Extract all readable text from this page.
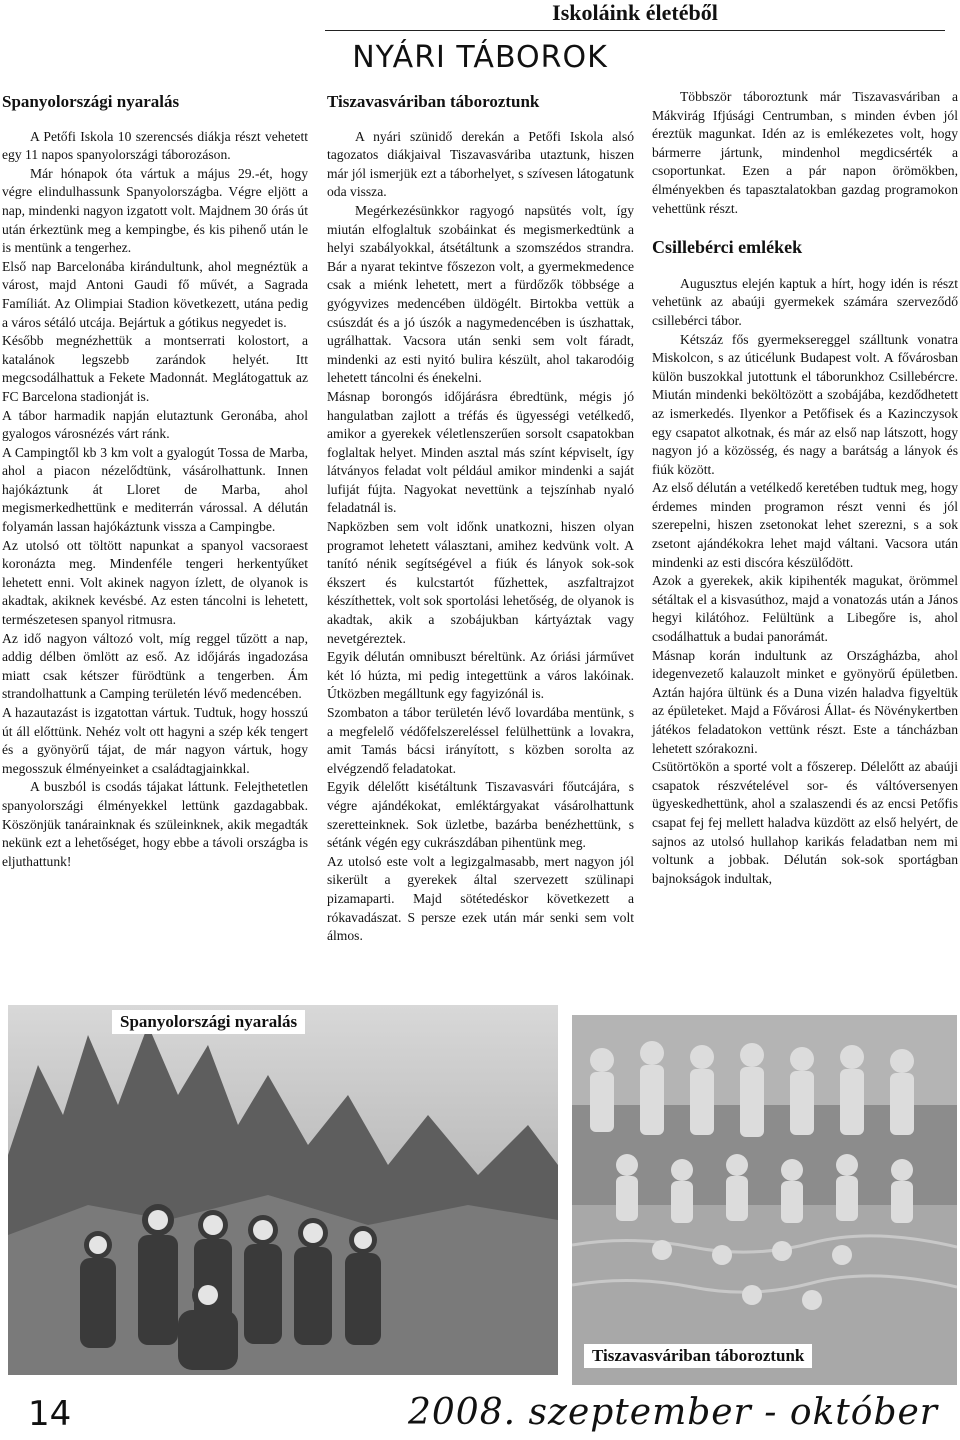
Iskoláink életéből
NYÁRI TÁBOROK
Spanyolországi nyaralás

A Petőfi Iskola 10 szerencsés diákja részt vehetett egy 11 napos spanyolországi táborozáson.

Már hónapok óta vártuk a május 29.-ét, hogy végre elindulhassunk Spanyolországba. Végre eljött a nap, mindenki nagyon izgatott volt. Majdnem 30 órás út után érkeztünk meg a kempingbe, és kis pihenő után le is mentünk a tengerhez.

Első nap Barcelonába kirándultunk, ahol megnéztük a várost, majd Antoni Gaudi fő művét, a Sagrada Famíliát. Az Olimpiai Stadion következett, utána pedig a város sétáló utcája. Bejártuk a gótikus negyedet is.

Később megnézhettük a montserrati kolostort, a katalánok legszebb zarándok helyét. Itt megcsodálhattuk a Fekete Madonnát. Meglátogattuk az FC Barcelona stadionját is.

A tábor harmadik napján elutaztunk Geronába, ahol gyalogos városnézés várt ránk.

A Campingtől kb 3 km volt a gyalogút Tossa de Marba, ahol a piacon nézelődtünk, vásárolhattunk. Innen hajókáztunk át Lloret de Marba, ahol megismerkedhettünk e mediterrán várossal. A délután folyamán lassan hajókáztunk vissza a Campingbe.

Az utolsó ott töltött napunkat a spanyol vacsoraest koronázta meg. Mindenféle tengeri herkentyűket lehetett enni. Volt akinek nagyon ízlett, de olyanok is akadtak, akiknek kevésbé. Az esten táncolni is lehetett, természetesen spanyol ritmusra.

Az idő nagyon változó volt, míg reggel tűzött a nap, addig délben ömlött az eső. Az időjárás ingadozása miatt csak kétszer fürödtünk a tengerben. Ám strandolhattunk a Camping területén lévő medencében.

A hazautazást is izgatottan vártuk. Tudtuk, hogy hosszú út áll előttünk. Nehéz volt ott hagyni a szép kék tengert és a gyönyörű tájat, de már nagyon vártuk, hogy megosszuk élményeinket a családtagjainkkal.

A buszból is csodás tájakat láttunk. Felejthetetlen spanyolországi élményekkel lettünk gazdagabbak. Köszönjük tanárainknak és szüleinknek, akik megadták nekünk ezt a lehetőséget, hogy ebbe a távoli országba is eljuthattunk!

Tiszavasváriban táboroztunk

A nyári szünidő derekán a Petőfi Iskola alsó tagozatos diákjaival Tiszavasváriba utaztunk, hiszen már jól ismerjük ezt a táborhelyet, s szívesen látogatunk oda vissza.

Megérkezésünkkor ragyogó napsütés volt, így miután elfoglaltuk szobáinkat és megismerkedtünk a helyi szabályokkal, átsétáltunk a szomszédos strandra. Bár a nyarat tekintve főszezon volt, a gyermekmedence csak a miénk lehetett, mert a fürdőzők többsége a gyógyvizes medencében üldögélt. Birtokba vettük a csúszdát és a jó úszók a nagymedencében is úszhattak, ugrálhattak. Vacsora után senki sem volt fáradt, mindenki az esti nyitó bulira készült, ahol takarodóig lehetett táncolni és énekelni.

Másnap borongós időjárásra ébredtünk, mégis jó hangulatban zajlott a tréfás és ügyességi vetélkedő, amikor a gyerekek véletlenszerűen sorsolt csapatokban foglaltak helyet. Minden asztal más színt képviselt, így látványos feladat volt például amikor mindenki a saját lufiját fújta. Nagyokat nevettünk a tejszínhab nyaló feladatnál is.

Napközben sem volt időnk unatkozni, hiszen olyan programot lehetett választani, amihez kedvünk volt. A tanító nénik segítségével a fiúk és lányok sok-sok ékszert és kulcstartót fűzhettek, aszfaltrajzot készíthettek, volt sok sportolási lehetőség, de olyanok is akadtak, akik a szobájukban kártyáztak vagy nevetgéreztek.

Egyik délután omnibuszt béreltünk. Az óriási járművet két ló húzta, mi pedig integettünk a város lakóinak. Útközben megálltunk egy fagyizónál is.

Szombaton a tábor területén lévő lovardába mentünk, s a megfelelő védőfelszereléssel felülhettünk a lovakra, amit Tamás bácsi irányított, s közben sorolta az elvégzendő feladatokat.

Egyik délelőtt kisétáltunk Tiszavasvári főutcájára, s végre ajándékokat, emléktárgyakat vásárolhattunk szeretteinknek. Sok üzletbe, bazárba benézhettünk, s sétánk végén egy cukrászdában pihentünk meg.

Az utolsó este volt a legizgalmasabb, mert nagyon jól sikerült a gyerekek által szervezett szülinapi pizamaparti. Majd sötétedéskor következett a rókavadászat. S persze ezek után már senki sem volt álmos.

Többször táboroztunk már Tiszavasváriban a Mákvirág Ifjúsági Centrumban, s minden évben jól éreztük magunkat. Idén az is emlékezetes volt, hogy bármerre jártunk, mindenhol megdicsérték a csoportunkat. Ezen a pár napon örömökben, élményekben és tapasztalatokban gazdag programokon vehettünk részt.

Csillebérci emlékek

Augusztus elején kaptuk a hírt, hogy idén is részt vehetünk az abaúji gyermekek számára szerveződő csillebérci tábor.

Kétszáz fős gyermeksereggel szálltunk vonatra Miskolcon, s az úticélunk Budapest volt. A fővárosban külön buszokkal jutottunk el táborunkhoz Csillebércre. Miután mindenki beköltözött a szobájába, kezdődhetett az ismerkedés. Ilyenkor a Petőfisek és a Kazinczysok egy csapatot alkotnak, és már az első nap látszott, hogy nagyon jó a közösség, és nagy a barátság a lányok és fiúk között.

Az első délután a vetélkedő keretében tudtuk meg, hogy érdemes minden programon részt venni és jól szerepelni, hiszen zsetonokat lehet szerezni, s a sok zsetont ajándékokra lehet majd váltani. Vacsora után mindenki az esti discóra készülődött.

Azok a gyerekek, akik kipihenték magukat, örömmel sétáltak el a kisvasúthoz, majd a vonatozás után a János hegyi kilátóhoz. Felültünk a Libegőre is, ahol csodálhattuk a budai panorámát.

Másnap korán indultunk az Országházba, ahol idegenvezető kalauzolt minket e gyönyörű épületben. Aztán hajóra ültünk és a Duna vizén haladva figyeltük az épületeket. Majd a Fővárosi Állat- és Növénykertben játékos feladatokon vettünk részt. Este a táncházban lehetett szórakozni.

Csütörtökön a sporté volt a főszerep. Délelőtt az abaúji csapatok részvételével sor- és váltóversenyen ügyeskedhettünk, ahol a szalaszendi és az encsi Petőfis csapat fej fej mellett haladva küzdött az első helyért, de sajnos az utolsó hullahop karikás feladatban nem mi voltunk a jobbak. Délután sok-sok sportágban bajnokságok indultak,

Spanyolországi nyaralás
Tiszavasváriban táboroztunk
14	2008. szeptember - október
